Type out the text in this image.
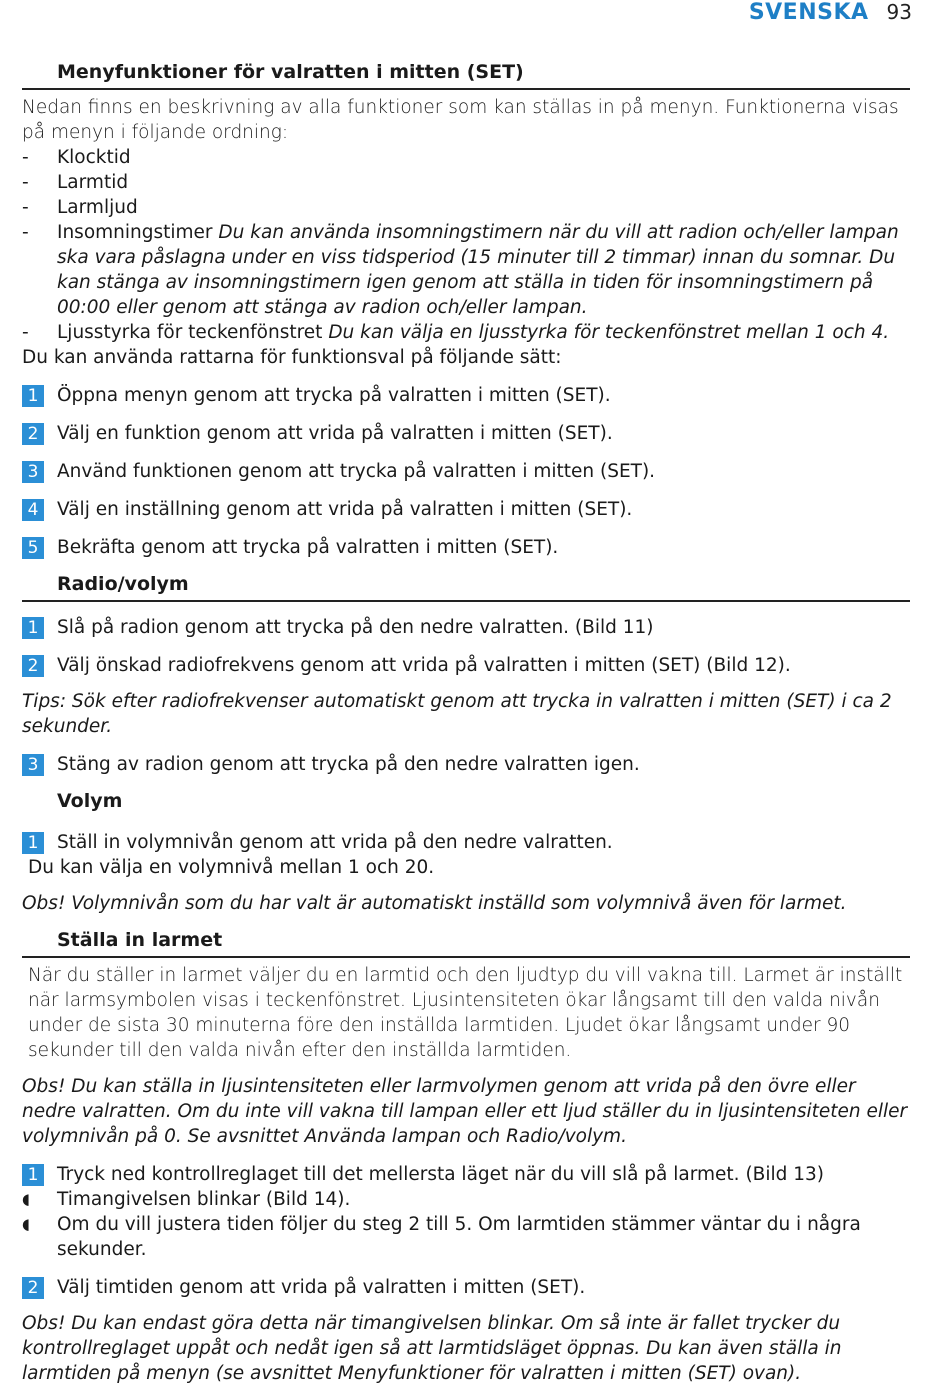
SVENSKA 93
Menyfunktioner för valratten i mitten (SET)

Nedan finns en beskrivning av alla funktioner som kan ställas in på menyn. Funktionerna visas på menyn i följande ordning:

-	Klocktid
-	Larmtid
-	Larmljud
-	Insomningstimer Du kan använda insomningstimern när du vill att radion och/eller lampan ska vara påslagna under en viss tidsperiod (15 minuter till 2 timmar) innan du somnar. Du kan stänga av insomningstimern igen genom att ställa in tiden för insomningstimern på 00:00 eller genom att stänga av radion och/eller lampan.
-	Ljusstyrka för teckenfönstret Du kan välja en ljusstyrka för teckenfönstret mellan 1 och 4.

Du kan använda rattarna för funktionsval på följande sätt:

1	Öppna menyn genom att trycka på valratten i mitten (SET).
2	Välj en funktion genom att vrida på valratten i mitten (SET).
3	Använd funktionen genom att trycka på valratten i mitten (SET).
4	Välj en inställning genom att vrida på valratten i mitten (SET).
5	Bekräfta genom att trycka på valratten i mitten (SET).
Radio/volym
1	Slå på radion genom att trycka på den nedre valratten. (Bild 11)
2	Välj önskad radiofrekvens genom att vrida på valratten i mitten (SET) (Bild 12).

Tips: Sök efter radiofrekvenser automatiskt genom att trycka in valratten i mitten (SET) i ca 2 sekunder.

3	Stäng av radion genom att trycka på den nedre valratten igen.
Volym
1	Ställ in volymnivån genom att vrida på den nedre valratten.

Du kan välja en volymnivå mellan 1 och 20.

Obs! Volymnivån som du har valt är automatiskt inställd som volymnivå även för larmet.

Ställa in larmet

När du ställer in larmet väljer du en larmtid och den ljudtyp du vill vakna till. Larmet är inställt när larmsymbolen visas i teckenfönstret. Ljusintensiteten ökar långsamt till den valda nivån under de sista 30 minuterna före den inställda larmtiden. Ljudet ökar långsamt under 90 sekunder till den valda nivån efter den inställda larmtiden.

Obs! Du kan ställa in ljusintensiteten eller larmvolymen genom att vrida på den övre eller nedre valratten. Om du inte vill vakna till lampan eller ett ljud ställer du in ljusintensiteten eller volymnivån på 0. Se avsnittet Använda lampan och Radio/volym.

1	Tryck ned kontrollreglaget till det mellersta läget när du vill slå på larmet. (Bild 13)
◖	Timangivelsen blinkar (Bild 14).
◖	Om du vill justera tiden följer du steg 2 till 5. Om larmtiden stämmer väntar du i några sekunder.
2	Välj timtiden genom att vrida på valratten i mitten (SET).

Obs! Du kan endast göra detta när timangivelsen blinkar. Om så inte är fallet trycker du kontrollreglaget uppåt och nedåt igen så att larmtidsläget öppnas. Du kan även ställa in larmtiden på menyn (se avsnittet Menyfunktioner för valratten i mitten (SET) ovan).
